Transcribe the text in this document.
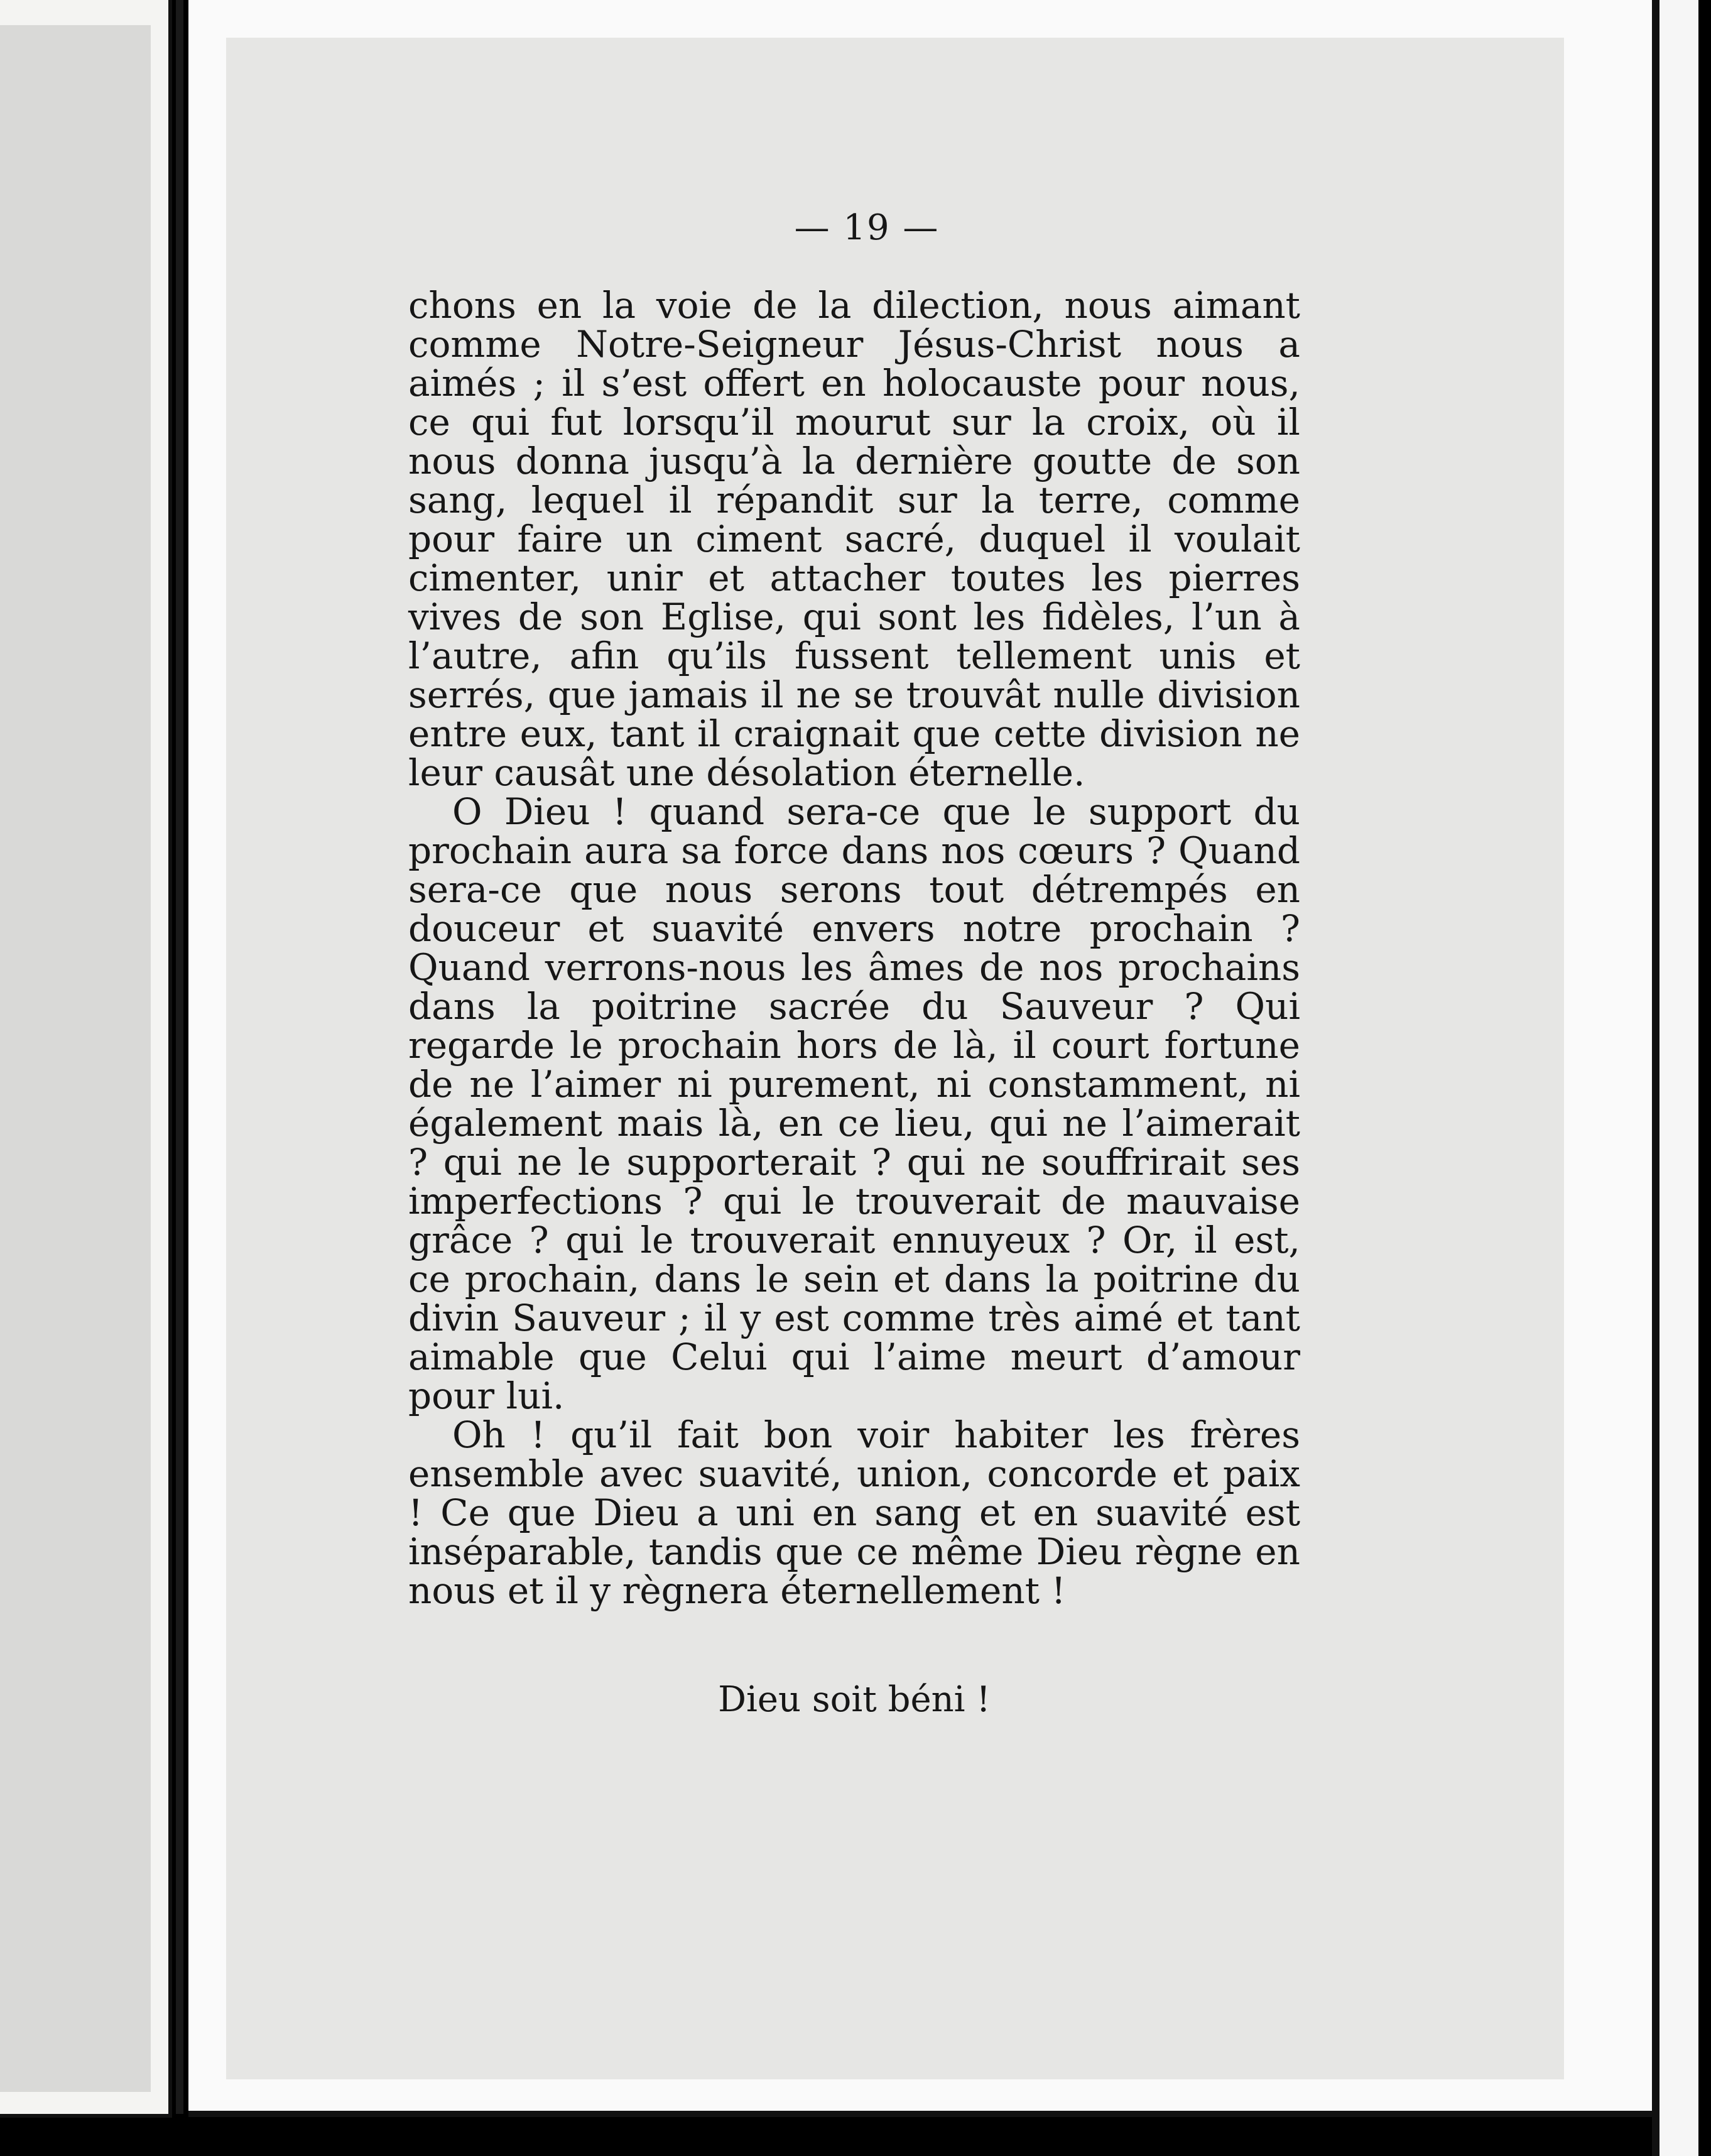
— 19 —

chons en la voie de la dilection, nous aimant comme Notre-Seigneur Jésus-Christ nous a aimés ; il s’est offert en holocauste pour nous, ce qui fut lorsqu’il mourut sur la croix, où il nous donna jusqu’à la dernière goutte de son sang, lequel il répandit sur la terre, comme pour faire un ciment sacré, duquel il voulait cimenter, unir et attacher toutes les pierres vives de son Eglise, qui sont les fidèles, l’un à l’autre, afin qu’ils fussent tellement unis et serrés, que jamais il ne se trouvât nulle division entre eux, tant il craignait que cette division ne leur causât une désolation éternelle.

O Dieu ! quand sera-ce que le support du prochain aura sa force dans nos cœurs ? Quand sera-ce que nous serons tout détrempés en douceur et suavité envers notre prochain ? Quand verrons-nous les âmes de nos prochains dans la poitrine sacrée du Sauveur ? Qui regarde le prochain hors de là, il court fortune de ne l’aimer ni purement, ni constamment, ni également mais là, en ce lieu, qui ne l’aimerait ? qui ne le supporterait ? qui ne souffrirait ses imperfections ? qui le trouverait de mauvaise grâce ? qui le trouverait ennuyeux ? Or, il est, ce prochain, dans le sein et dans la poitrine du divin Sauveur ; il y est comme très aimé et tant aimable que Celui qui l’aime meurt d’amour pour lui.

Oh ! qu’il fait bon voir habiter les frères ensemble avec suavité, union, concorde et paix ! Ce que Dieu a uni en sang et en suavité est inséparable, tandis que ce même Dieu règne en nous et il y règnera éternellement !

Dieu soit béni !
